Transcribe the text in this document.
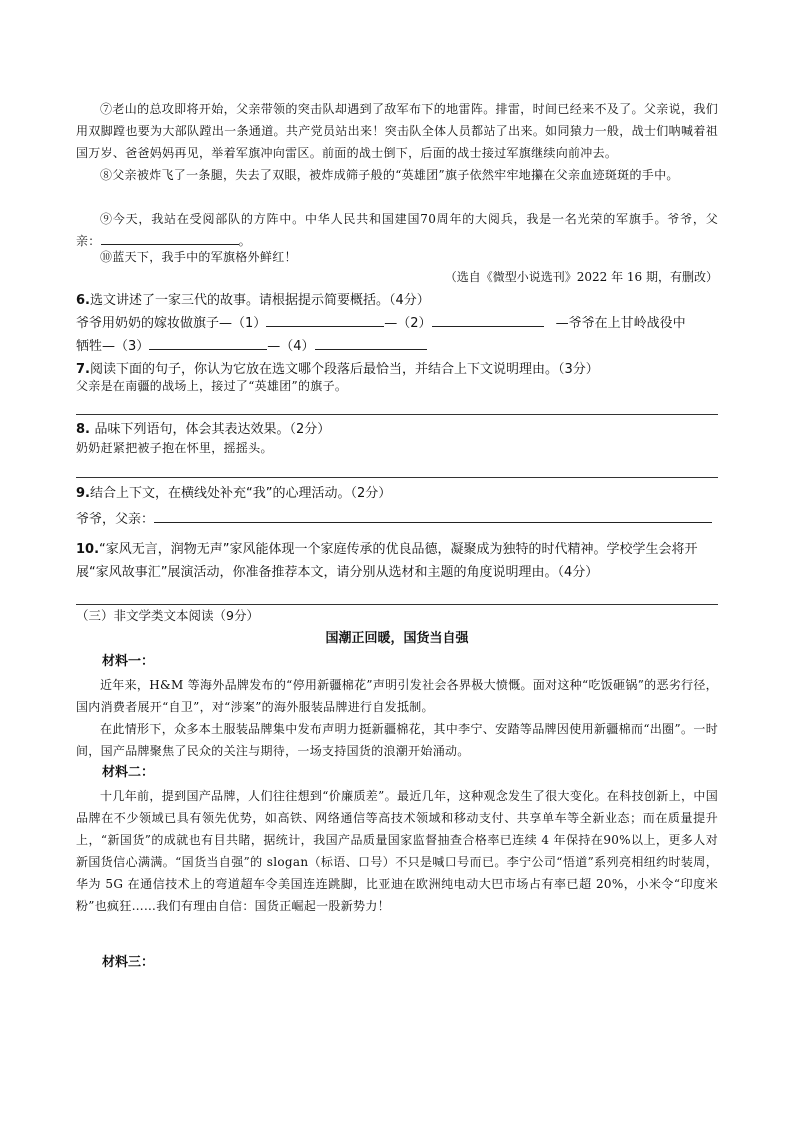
⑦老山的总攻即将开始，父亲带领的突击队却遇到了敌军布下的地雷阵。排雷，时间已经来不及了。父亲说，我们用双脚蹚也要为大部队蹚出一条通道。共产党员站出来！突击队全体人员都站了出来。如同猿力一般，战士们呐喊着祖国万岁、爸爸妈妈再见，举着军旗冲向雷区。前面的战士倒下，后面的战士接过军旗继续向前冲去。

⑧父亲被炸飞了一条腿，失去了双眼，被炸成筛子般的“英雄团”旗子依然牢牢地攥在父亲血迹斑斑的手中。

⑨今天，我站在受阅部队的方阵中。中华人民共和国建国70周年的大阅兵，我是一名光荣的军旗手。爷爷，父亲：	。

⑩蓝天下，我手中的军旗格外鲜红！

（选自《微型小说选刊》2022 年 16 期，有删改）

6.选文讲述了一家三代的故事。请根据提示简要概括。（4分）

爷爷用奶奶的嫁妆做旗子—（1）	—（2）	—爷爷在上甘岭战役中

牺牲—（3）	—（4）

7.阅读下面的句子，你认为它放在选文哪个段落后最恰当，并结合上下文说明理由。（3分）

父亲是在南疆的战场上，接过了“英雄团”的旗子。

8. 品味下列语句，体会其表达效果。（2分）

奶奶赶紧把被子抱在怀里，摇摇头。

9.结合上下文，在横线处补充“我”的心理活动。（2分）

爷爷，父亲：

10.“家风无言，润物无声”家风能体现一个家庭传承的优良品德，凝聚成为独特的时代精神。学校学生会将开展“家风故事汇”展演活动，你准备推荐本文，请分别从选材和主题的角度说明理由。（4分）

（三）非文学类文本阅读（9分）

国潮正回暖，国货当自强

材料一：

近年来，H&M 等海外品牌发布的“停用新疆棉花”声明引发社会各界极大愤慨。面对这种“吃饭砸锅”的恶劣行径，国内消费者展开“自卫”，对“涉案”的海外服装品牌进行自发抵制。

在此情形下，众多本土服装品牌集中发布声明力挺新疆棉花，其中李宁、安踏等品牌因使用新疆棉而“出圈”。一时间，国产品牌聚焦了民众的关注与期待，一场支持国货的浪潮开始涌动。

材料二：

十几年前，提到国产品牌，人们往往想到“价廉质差”。最近几年，这种观念发生了很大变化。在科技创新上，中国品牌在不少领域已具有领先优势，如高铁、网络通信等高技术领域和移动支付、共享单车等全新业态；而在质量提升上，“新国货”的成就也有目共睹，据统计，我国产品质量国家监督抽查合格率已连续 4 年保持在90%以上，更多人对新国货信心满满。“国货当自强”的 slogan（标语、口号）不只是喊口号而已。李宁公司“悟道”系列亮相纽约时装周，华为 5G 在通信技术上的弯道超车令美国连连跳脚，比亚迪在欧洲纯电动大巴市场占有率已超 20%，小米令“印度米粉”也疯狂……我们有理由自信：国货正崛起一股新势力！

材料三：
